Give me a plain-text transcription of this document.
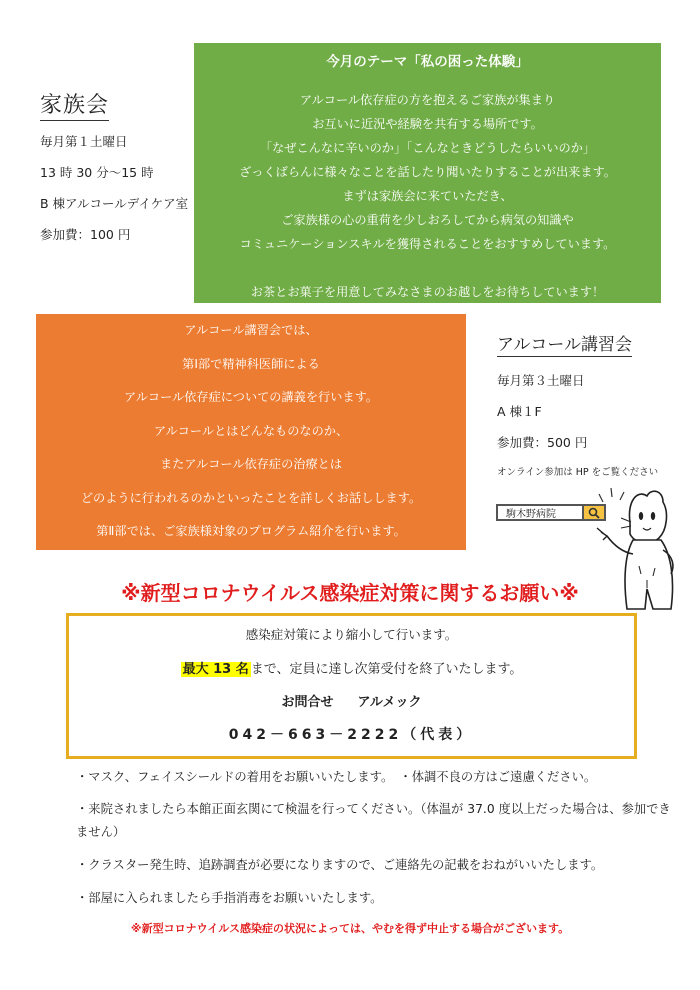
家族会
毎月第１土曜日
13 時 30 分～15 時
B 棟アルコールデイケア室
参加費：100 円
今月のテーマ「私の困った体験」
アルコール依存症の方を抱えるご家族が集まり
お互いに近況や経験を共有する場所です。
「なぜこんなに辛いのか」「こんなときどうしたらいいのか」
ざっくばらんに様々なことを話したり聞いたりすることが出来ます。
まずは家族会に来ていただき、
ご家族様の心の重荷を少しおろしてから病気の知識や
コミュニケーションスキルを獲得されることをおすすめしています。
お茶とお菓子を用意してみなさまのお越しをお待ちしています！
アルコール講習会では、
第Ⅰ部で精神科医師による
アルコール依存症についての講義を行います。
アルコールとはどんなものなのか、
またアルコール依存症の治療とは
どのように行われるのかといったことを詳しくお話しします。
第Ⅱ部では、ご家族様対象のプログラム紹介を行います。
アルコール講習会
毎月第３土曜日
A 棟１F
参加費：500 円
オンライン参加は HP をご覧ください
駒木野病院
※新型コロナウイルス感染症対策に関するお願い※
感染症対策により縮小して行います。
最大 13 名 まで、定員に達し次第受付を終了いたします。
お問合せ アルメック
042－663－2222（代表）
・マスク、フェイスシールドの着用をお願いいたします。　・体調不良の方はご遠慮ください。
・来院されましたら本館正面玄関にて検温を行ってください。（体温が 37.0 度以上だった場合は、参加できません）
・クラスター発生時、追跡調査が必要になりますので、ご連絡先の記載をおねがいいたします。
・部屋に入られましたら手指消毒をお願いいたします。
※新型コロナウイルス感染症の状況によっては、やむを得ず中止する場合がございます。
